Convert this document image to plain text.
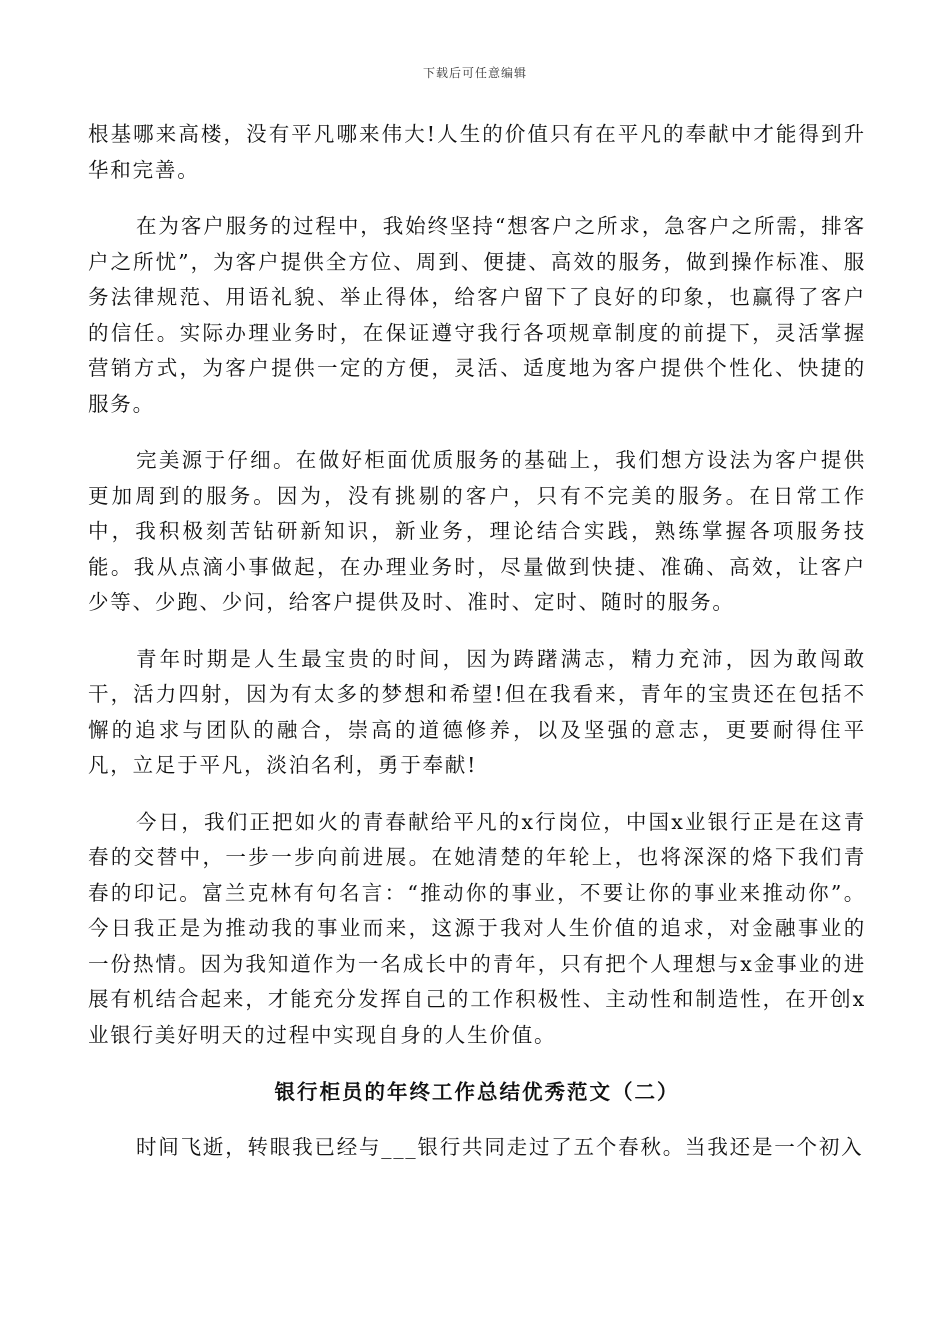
下载后可任意编辑

根基哪来高楼，没有平凡哪来伟大!人生的价值只有在平凡的奉献中才能得到升华和完善。

在为客户服务的过程中，我始终坚持“想客户之所求，急客户之所需，排客户之所忧”，为客户提供全方位、周到、便捷、高效的服务，做到操作标准、服务法律规范、用语礼貌、举止得体，给客户留下了良好的印象，也赢得了客户的信任。实际办理业务时，在保证遵守我行各项规章制度的前提下，灵活掌握营销方式，为客户提供一定的方便，灵活、适度地为客户提供个性化、快捷的服务。

完美源于仔细。在做好柜面优质服务的基础上，我们想方设法为客户提供更加周到的服务。因为，没有挑剔的客户，只有不完美的服务。在日常工作中，我积极刻苦钻研新知识，新业务，理论结合实践，熟练掌握各项服务技能。我从点滴小事做起，在办理业务时，尽量做到快捷、准确、高效，让客户少等、少跑、少问，给客户提供及时、准时、定时、随时的服务。

青年时期是人生最宝贵的时间，因为踌躇满志，精力充沛，因为敢闯敢干，活力四射，因为有太多的梦想和希望!但在我看来，青年的宝贵还在包括不懈的追求与团队的融合，崇高的道德修养，以及坚强的意志，更要耐得住平凡，立足于平凡，淡泊名利，勇于奉献!

今日，我们正把如火的青春献给平凡的x行岗位，中国x业银行正是在这青春的交替中，一步一步向前进展。在她清楚的年轮上，也将深深的烙下我们青春的印记。富兰克林有句名言：“推动你的事业，不要让你的事业来推动你”。今日我正是为推动我的事业而来，这源于我对人生价值的追求，对金融事业的一份热情。因为我知道作为一名成长中的青年，只有把个人理想与x金事业的进展有机结合起来，才能充分发挥自己的工作积极性、主动性和制造性，在开创x业银行美好明天的过程中实现自身的人生价值。

银行柜员的年终工作总结优秀范文（二）

时间飞逝，转眼我已经与___银行共同走过了五个春秋。当我还是一个初入
